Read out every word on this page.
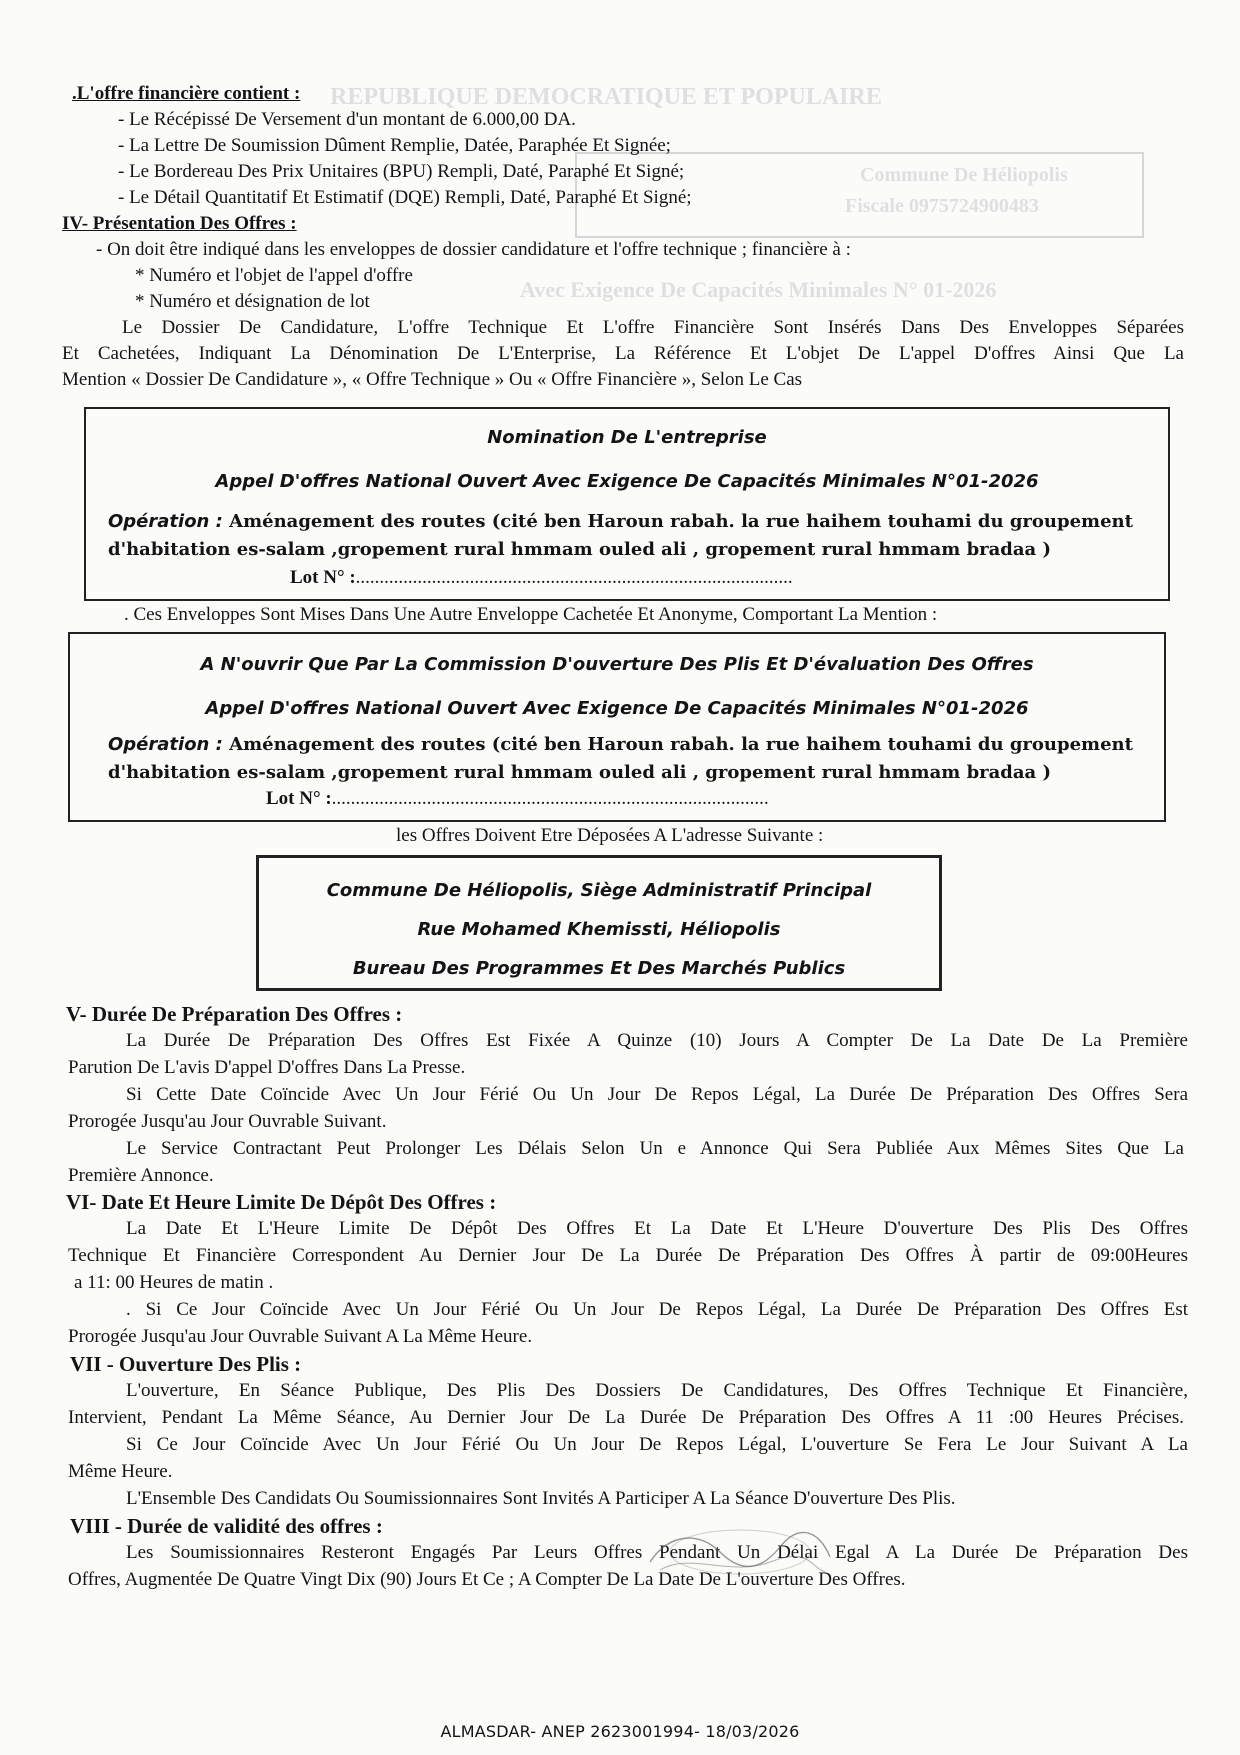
REPUBLIQUE DEMOCRATIQUE ET POPULAIRE
Commune De Héliopolis
Fiscale 0975724900483
Avec Exigence De Capacités Minimales N° 01-2026
.L'offre financière contient :
- Le Récépissé De Versement d'un montant de 6.000,00 DA.
- La Lettre De Soumission Dûment Remplie, Datée, Paraphée Et Signée;
- Le Bordereau Des Prix Unitaires (BPU) Rempli, Daté, Paraphé Et Signé;
- Le Détail Quantitatif Et Estimatif (DQE) Rempli, Daté, Paraphé Et Signé;
IV- Présentation Des Offres :
- On doit être indiqué dans les enveloppes de dossier candidature et l'offre technique ; financière à :
* Numéro et l'objet de l'appel d'offre
* Numéro et désignation de lot
Le Dossier De Candidature, L'offre Technique Et L'offre Financière Sont Insérés Dans Des Enveloppes Séparées
Et Cachetées, Indiquant La Dénomination De L'Enterprise, La Référence Et L'objet De L'appel D'offres Ainsi Que La
Mention « Dossier De Candidature », « Offre Technique » Ou « Offre Financière », Selon Le Cas
Nomination De L'entreprise
Appel D'offres National Ouvert Avec Exigence De Capacités Minimales N°01-2026
Opération : Aménagement des routes (cité ben Haroun rabah. la rue haihem touhami du groupement
d'habitation es-salam ,gropement rural hmmam ouled ali , gropement rural hmmam bradaa )
Lot N° :............................................................................................
. Ces Enveloppes Sont Mises Dans Une Autre Enveloppe Cachetée Et Anonyme, Comportant La Mention :
A N'ouvrir Que Par La Commission D'ouverture Des Plis Et D'évaluation Des Offres
Appel D'offres National Ouvert Avec Exigence De Capacités Minimales N°01-2026
Opération : Aménagement des routes (cité ben Haroun rabah. la rue haihem touhami du groupement
d'habitation es-salam ,gropement rural hmmam ouled ali , gropement rural hmmam bradaa )
Lot N° :............................................................................................
les Offres Doivent Etre Déposées A L'adresse Suivante :
Commune De Héliopolis, Siège Administratif Principal
Rue Mohamed Khemissti, Héliopolis
Bureau Des Programmes Et Des Marchés Publics
V- Durée De Préparation Des Offres :
La Durée De Préparation Des Offres Est Fixée A Quinze (10) Jours A Compter De La Date De La Première
Parution De L'avis D'appel D'offres Dans La Presse.
Si Cette Date Coïncide Avec Un Jour Férié Ou Un Jour De Repos Légal, La Durée De Préparation Des Offres Sera
Prorogée Jusqu'au Jour Ouvrable Suivant.
Le Service Contractant Peut Prolonger Les Délais Selon Un e Annonce Qui Sera Publiée Aux Mêmes Sites Que La
Première Annonce.
VI- Date Et Heure Limite De Dépôt Des Offres :
La Date Et L'Heure Limite De Dépôt Des Offres Et La Date Et L'Heure D'ouverture Des Plis Des Offres
Technique Et Financière Correspondent Au Dernier Jour De La Durée De Préparation Des Offres À partir de 09:00Heures
a 11: 00 Heures de matin .
. Si Ce Jour Coïncide Avec Un Jour Férié Ou Un Jour De Repos Légal, La Durée De Préparation Des Offres Est
Prorogée Jusqu'au Jour Ouvrable Suivant A La Même Heure.
VII - Ouverture Des Plis :
L'ouverture, En Séance Publique, Des Plis Des Dossiers De Candidatures, Des Offres Technique Et Financière,
Intervient, Pendant La Même Séance, Au Dernier Jour De La Durée De Préparation Des Offres A 11 :00 Heures Précises.
Si Ce Jour Coïncide Avec Un Jour Férié Ou Un Jour De Repos Légal, L'ouverture Se Fera Le Jour Suivant A La
Même Heure.
L'Ensemble Des Candidats Ou Soumissionnaires Sont Invités A Participer A La Séance D'ouverture Des Plis.
VIII - Durée de validité des offres :
Les Soumissionnaires Resteront Engagés Par Leurs Offres Pendant Un Délai Egal A La Durée De Préparation Des
Offres, Augmentée De Quatre Vingt Dix (90) Jours Et Ce ; A Compter De La Date De L'ouverture Des Offres.
ALMASDAR- ANEP 2623001994- 18/03/2026
